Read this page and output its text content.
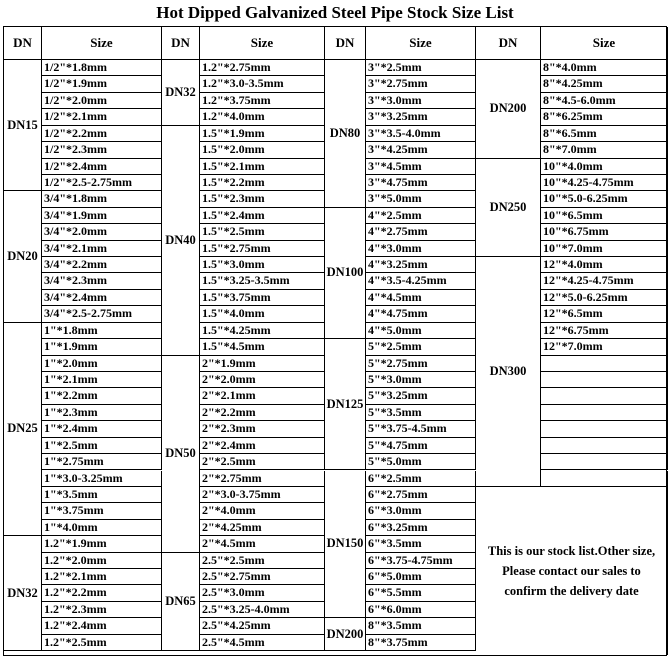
Hot Dipped Galvanized Steel Pipe Stock Size List
DN	Size
DN15
1/2"*1.8mm
1/2"*1.9mm
1/2"*2.0mm
1/2"*2.1mm
1/2"*2.2mm
1/2"*2.3mm
1/2"*2.4mm
1/2"*2.5-2.75mm
DN20
3/4"*1.8mm
3/4"*1.9mm
3/4"*2.0mm
3/4"*2.1mm
3/4"*2.2mm
3/4"*2.3mm
3/4"*2.4mm
3/4"*2.5-2.75mm
DN25
1"*1.8mm
1"*1.9mm
1"*2.0mm
1"*2.1mm
1"*2.2mm
1"*2.3mm
1"*2.4mm
1"*2.5mm
1"*2.75mm
1"*3.0-3.25mm
1"*3.5mm
1"*3.75mm
1"*4.0mm
DN32
1.2"*1.9mm
1.2"*2.0mm
1.2"*2.1mm
1.2"*2.2mm
1.2"*2.3mm
1.2"*2.4mm
1.2"*2.5mm
DN	Size
DN32
1.2"*2.75mm
1.2"*3.0-3.5mm
1.2"*3.75mm
1.2"*4.0mm
DN40
1.5"*1.9mm
1.5"*2.0mm
1.5"*2.1mm
1.5"*2.2mm
1.5"*2.3mm
1.5"*2.4mm
1.5"*2.5mm
1.5"*2.75mm
1.5"*3.0mm
1.5"*3.25-3.5mm
1.5"*3.75mm
1.5"*4.0mm
1.5"*4.25mm
1.5"*4.5mm
DN50
2"*1.9mm
2"*2.0mm
2"*2.1mm
2"*2.2mm
2"*2.3mm
2"*2.4mm
2"*2.5mm
2"*2.75mm
2"*3.0-3.75mm
2"*4.0mm
2"*4.25mm
2"*4.5mm
DN65
2.5"*2.5mm
2.5"*2.75mm
2.5"*3.0mm
2.5"*3.25-4.0mm
2.5"*4.25mm
2.5"*4.5mm
DN	Size
DN80
3"*2.5mm
3"*2.75mm
3"*3.0mm
3"*3.25mm
3"*3.5-4.0mm
3"*4.25mm
3"*4.5mm
3"*4.75mm
3"*5.0mm
DN100
4"*2.5mm
4"*2.75mm
4"*3.0mm
4"*3.25mm
4"*3.5-4.25mm
4"*4.5mm
4"*4.75mm
4"*5.0mm
DN125
5"*2.5mm
5"*2.75mm
5"*3.0mm
5"*3.25mm
5"*3.5mm
5"*3.75-4.5mm
5"*4.75mm
5"*5.0mm
DN150
6"*2.5mm
6"*2.75mm
6"*3.0mm
6"*3.25mm
6"*3.5mm
6"*3.75-4.75mm
6"*5.0mm
6"*5.5mm
6"*6.0mm
DN200
8"*3.5mm
8"*3.75mm
DN	Size
DN200
8"*4.0mm
8"*4.25mm
8"*4.5-6.0mm
8"*6.25mm
8"*6.5mm
8"*7.0mm
DN250
10"*4.0mm
10"*4.25-4.75mm
10"*5.0-6.25mm
10"*6.5mm
10"*6.75mm
10"*7.0mm
DN300
12"*4.0mm
12"*4.25-4.75mm
12"*5.0-6.25mm
12"*6.5mm
12"*6.75mm
12"*7.0mm
This is our stock list.Other size, Please contact our sales to confirm the delivery date
